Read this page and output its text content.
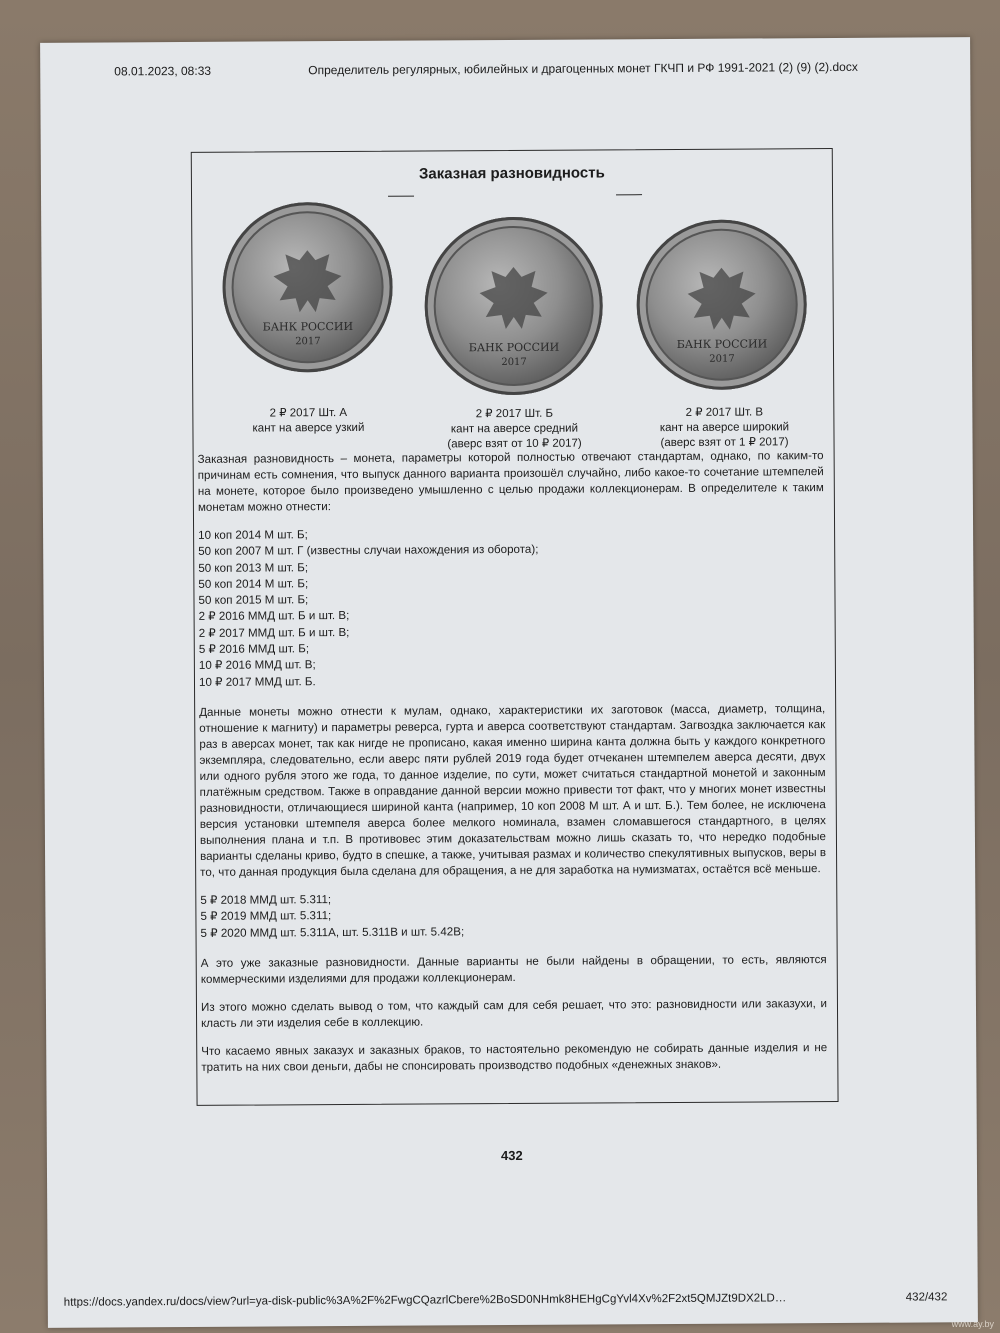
08.01.2023, 08:33	Определитель регулярных, юбилейных и драгоценных монет ГКЧП и РФ 1991-2021 (2) (9) (2).docx
Заказная разновидность
БАНК РОССИИ
2017
2 ₽ 2017 Шт. А
кант на аверсе узкий
БАНК РОССИИ
2017
2 ₽ 2017 Шт. Б
кант на аверсе средний
(аверс взят от 10 ₽ 2017)
БАНК РОССИИ
2017
2 ₽ 2017 Шт. В
кант на аверсе широкий
(аверс взят от 1 ₽ 2017)

Заказная разновидность – монета, параметры которой полностью отвечают стандартам, однако, по каким-то причинам есть сомнения, что выпуск данного варианта произошёл случайно, либо какое-то сочетание штемпелей на монете, которое было произведено умышленно с целью продажи коллекционерам. В определителе к таким монетам можно отнести:

10 коп 2014 М шт. Б;
50 коп 2007 М шт. Г (известны случаи нахождения из оборота);
50 коп 2013 М шт. Б;
50 коп 2014 М шт. Б;
50 коп 2015 М шт. Б;
2 ₽ 2016 ММД шт. Б и шт. В;
2 ₽ 2017 ММД шт. Б и шт. В;
5 ₽ 2016 ММД шт. Б;
10 ₽ 2016 ММД шт. В;
10 ₽ 2017 ММД шт. Б.

Данные монеты можно отнести к мулам, однако, характеристики их заготовок (масса, диаметр, толщина, отношение к магниту) и параметры реверса, гурта и аверса соответствуют стандартам. Загвоздка заключается как раз в аверсах монет, так как нигде не прописано, какая именно ширина канта должна быть у каждого конкретного экземпляра, следовательно, если аверс пяти рублей 2019 года будет отчеканен штемпелем аверса десяти, двух или одного рубля этого же года, то данное изделие, по сути, может считаться стандартной монетой и законным платёжным средством. Также в оправдание данной версии можно привести тот факт, что у многих монет известны разновидности, отличающиеся шириной канта (например, 10 коп 2008 М шт. А и шт. Б.). Тем более, не исключена версия установки штемпеля аверса более мелкого номинала, взамен сломавшегося стандартного, в целях выполнения плана и т.п. В противовес этим доказательствам можно лишь сказать то, что нередко подобные варианты сделаны криво, будто в спешке, а также, учитывая размах и количество спекулятивных выпусков, веры в то, что данная продукция была сделана для обращения, а не для заработка на нумизматах, остаётся всё меньше.

5 ₽ 2018 ММД шт. 5.311;
5 ₽ 2019 ММД шт. 5.311;
5 ₽ 2020 ММД шт. 5.311А, шт. 5.311В и шт. 5.42В;

А это уже заказные разновидности. Данные варианты не были найдены в обращении, то есть, являются коммерческими изделиями для продажи коллекционерам.

Из этого можно сделать вывод о том, что каждый сам для себя решает, что это: разновидности или заказухи, и класть ли эти изделия себе в коллекцию.

Что касаемо явных заказух и заказных браков, то настоятельно рекомендую не собирать данные изделия и не тратить на них свои деньги, дабы не спонсировать производство подобных «денежных знаков».

432
https://docs.yandex.ru/docs/view?url=ya-disk-public%3A%2F%2FwgCQazrlCbere%2BoSD0NHmk8HEHgCgYvl4Xv%2F2xt5QMJZt9DX2LD…	432/432
www.ay.by
